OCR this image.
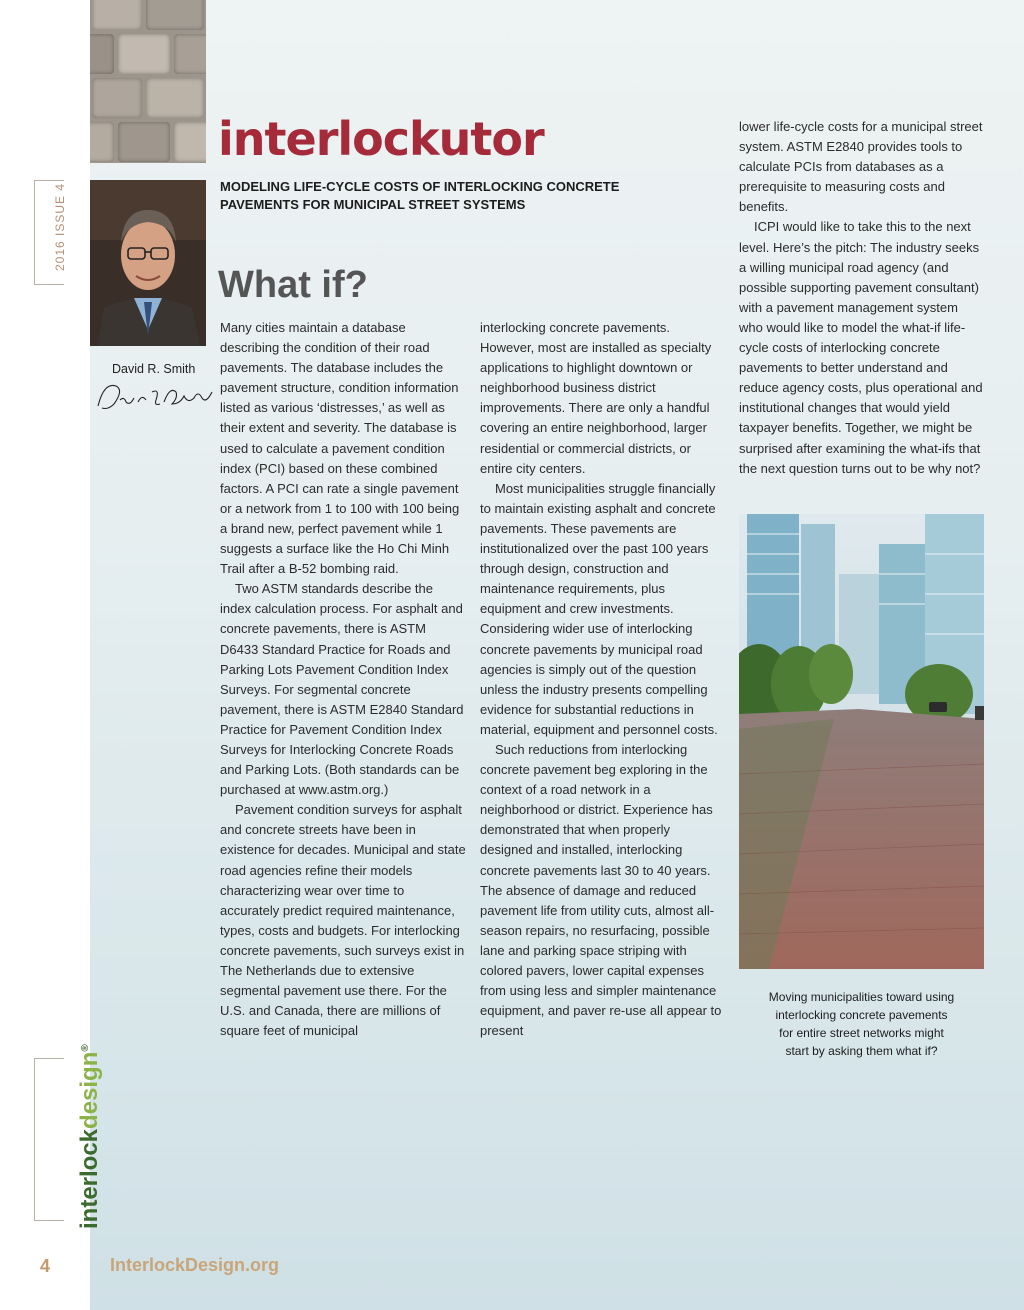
2016 ISSUE 4
interlockdesign®
interlockutor
MODELING LIFE-CYCLE COSTS OF INTERLOCKING CONCRETE
PAVEMENTS FOR MUNICIPAL STREET SYSTEMS
What if?
David R. Smith

Many cities maintain a database describing the condition of their road pavements. The database includes the pavement structure, condition information listed as various ‘distresses,’ as well as their extent and severity. The database is used to calculate a pavement condition index (PCI) based on these combined factors. A PCI can rate a single pavement or a network from 1 to 100 with 100 being a brand new, perfect pavement while 1 suggests a surface like the Ho Chi Minh Trail after a B-52 bombing raid.

Two ASTM standards describe the index calculation process. For asphalt and concrete pavements, there is ASTM D6433 Standard Practice for Roads and Parking Lots Pavement Condition Index Surveys. For segmental concrete pavement, there is ASTM E2840 Standard Practice for Pavement Condition Index Surveys for Interlocking Concrete Roads and Parking Lots. (Both standards can be purchased at www.astm.org.)

Pavement condition surveys for asphalt and concrete streets have been in existence for decades. Municipal and state road agencies refine their models characterizing wear over time to accurately predict required maintenance, types, costs and budgets. For interlocking concrete pavements, such surveys exist in The Netherlands due to extensive segmental pavement use there. For the U.S. and Canada, there are millions of square feet of municipal

interlocking concrete pavements. However, most are installed as specialty applications to highlight downtown or neighborhood business district improvements. There are only a handful covering an entire neighborhood, larger residential or commercial districts, or entire city centers.

Most municipalities struggle financially to maintain existing asphalt and concrete pavements. These pavements are institutionalized over the past 100 years through design, construction and maintenance requirements, plus equipment and crew investments. Considering wider use of interlocking concrete pavements by municipal road agencies is simply out of the question unless the industry presents compelling evidence for substantial reductions in material, equipment and personnel costs.

Such reductions from interlocking concrete pavement beg exploring in the context of a road network in a neighborhood or district. Experience has demonstrated that when properly designed and installed, interlocking concrete pavements last 30 to 40 years. The absence of damage and reduced pavement life from utility cuts, almost all-season repairs, no resurfacing, possible lane and parking space striping with colored pavers, lower capital expenses from using less and simpler maintenance equipment, and paver re-use all appear to present

lower life-cycle costs for a municipal street system. ASTM E2840 provides tools to calculate PCIs from databases as a prerequisite to measuring costs and benefits.

ICPI would like to take this to the next level. Here’s the pitch: The industry seeks a willing municipal road agency (and possible supporting pavement consultant) with a pavement management system who would like to model the what-if life-cycle costs of interlocking concrete pavements to better understand and reduce agency costs, plus operational and institutional changes that would yield taxpayer benefits. Together, we might be surprised after examining the what-ifs that the next question turns out to be why not?

Moving municipalities toward using
interlocking concrete pavements
for entire street networks might
start by asking them what if?
4	InterlockDesign.org
